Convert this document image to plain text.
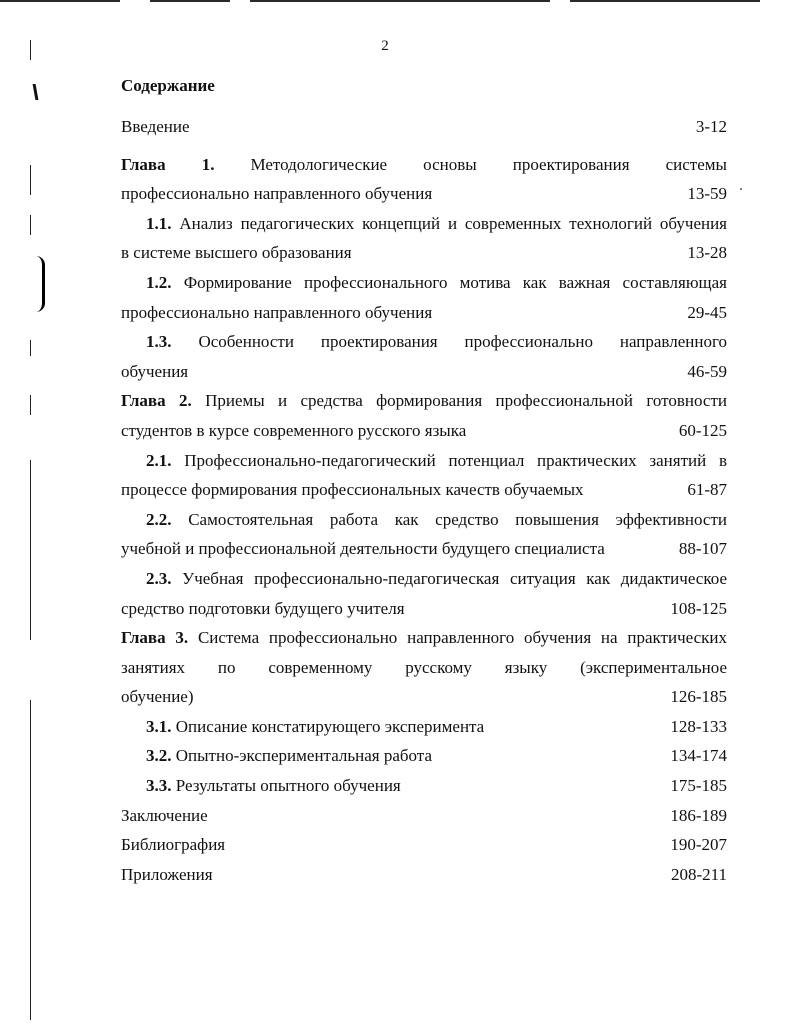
2
Содержание
Введение	3-12
Глава 1. Методологические основы проектирования системы
профессионально направленного обучения	13-59
1.1. Анализ педагогических концепций и современных технологий обучения
в системе высшего образования	13-28
1.2. Формирование профессионального мотива как важная составляющая
профессионально направленного обучения	29-45
1.3. Особенности проектирования профессионально направленного
обучения	46-59
Глава 2. Приемы и средства формирования профессиональной готовности
студентов в курсе современного русского языка	60-125
2.1. Профессионально-педагогический потенциал практических занятий в
процессе формирования профессиональных качеств обучаемых	61-87
2.2. Самостоятельная работа как средство повышения эффективности
учебной и профессиональной деятельности будущего специалиста	88-107
2.3. Учебная профессионально-педагогическая ситуация как дидактическое
средство подготовки будущего учителя	108-125
Глава 3. Система профессионально направленного обучения на практических
занятиях по современному русскому языку (экспериментальное
обучение)	126-185
3.1. Описание констатирующего эксперимента	128-133
3.2. Опытно-экспериментальная работа	134-174
3.3. Результаты опытного обучения	175-185
Заключение	186-189
Библиография	190-207
Приложения	208-211
